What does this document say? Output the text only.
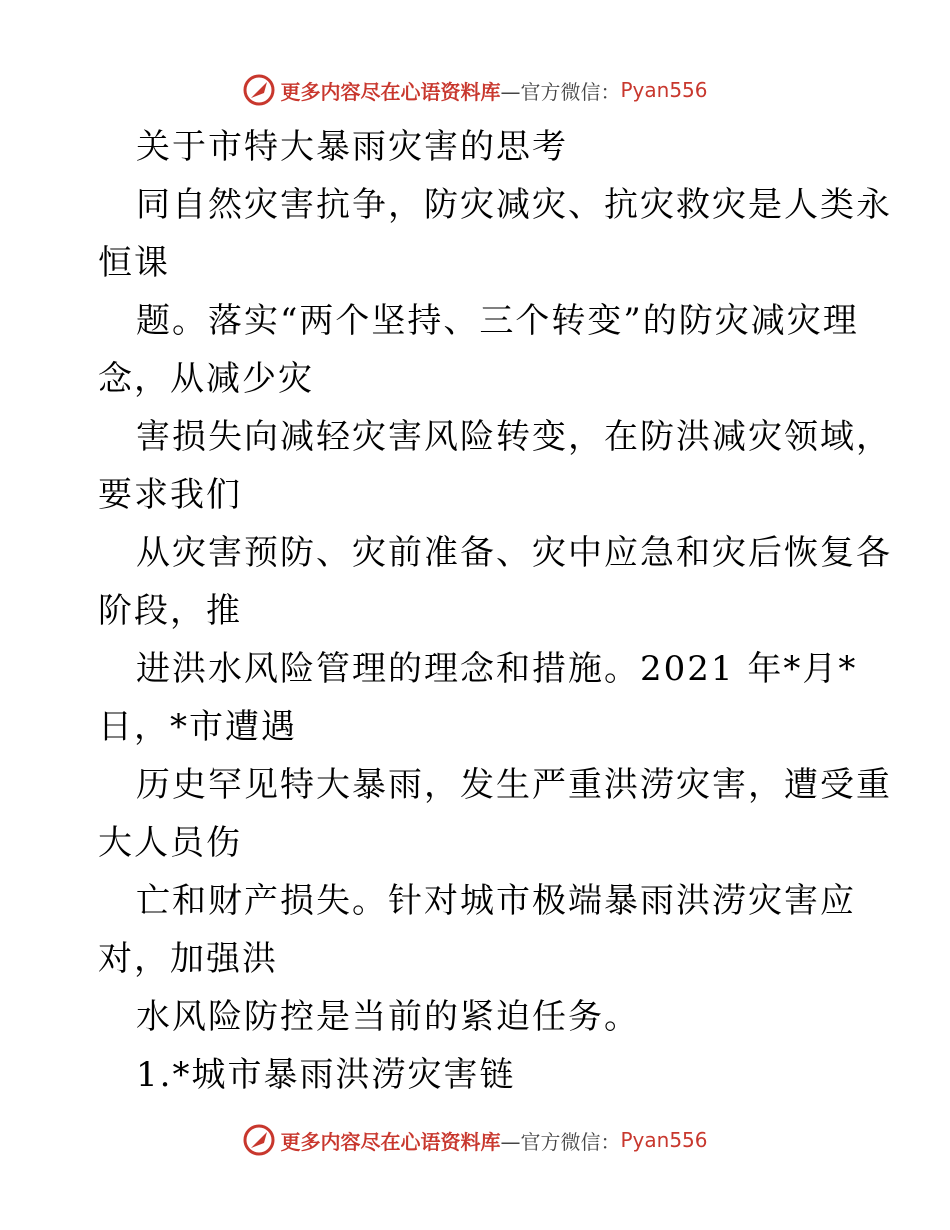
更多内容尽在心语资料库 —官方微信： Pyan556
关于市特大暴雨灾害的思考
同自然灾害抗争，防灾减灾、抗灾救灾是人类永
恒课
题。落实“两个坚持、三个转变”的防灾减灾理
念，从减少灾
害损失向减轻灾害风险转变，在防洪减灾领域，
要求我们
从灾害预防、灾前准备、灾中应急和灾后恢复各
阶段，推
进洪水风险管理的理念和措施。2021 年*月*
日，*市遭遇
历史罕见特大暴雨，发生严重洪涝灾害，遭受重
大人员伤
亡和财产损失。针对城市极端暴雨洪涝灾害应
对，加强洪
水风险防控是当前的紧迫任务。
1.*城市暴雨洪涝灾害链
更多内容尽在心语资料库 —官方微信： Pyan556
